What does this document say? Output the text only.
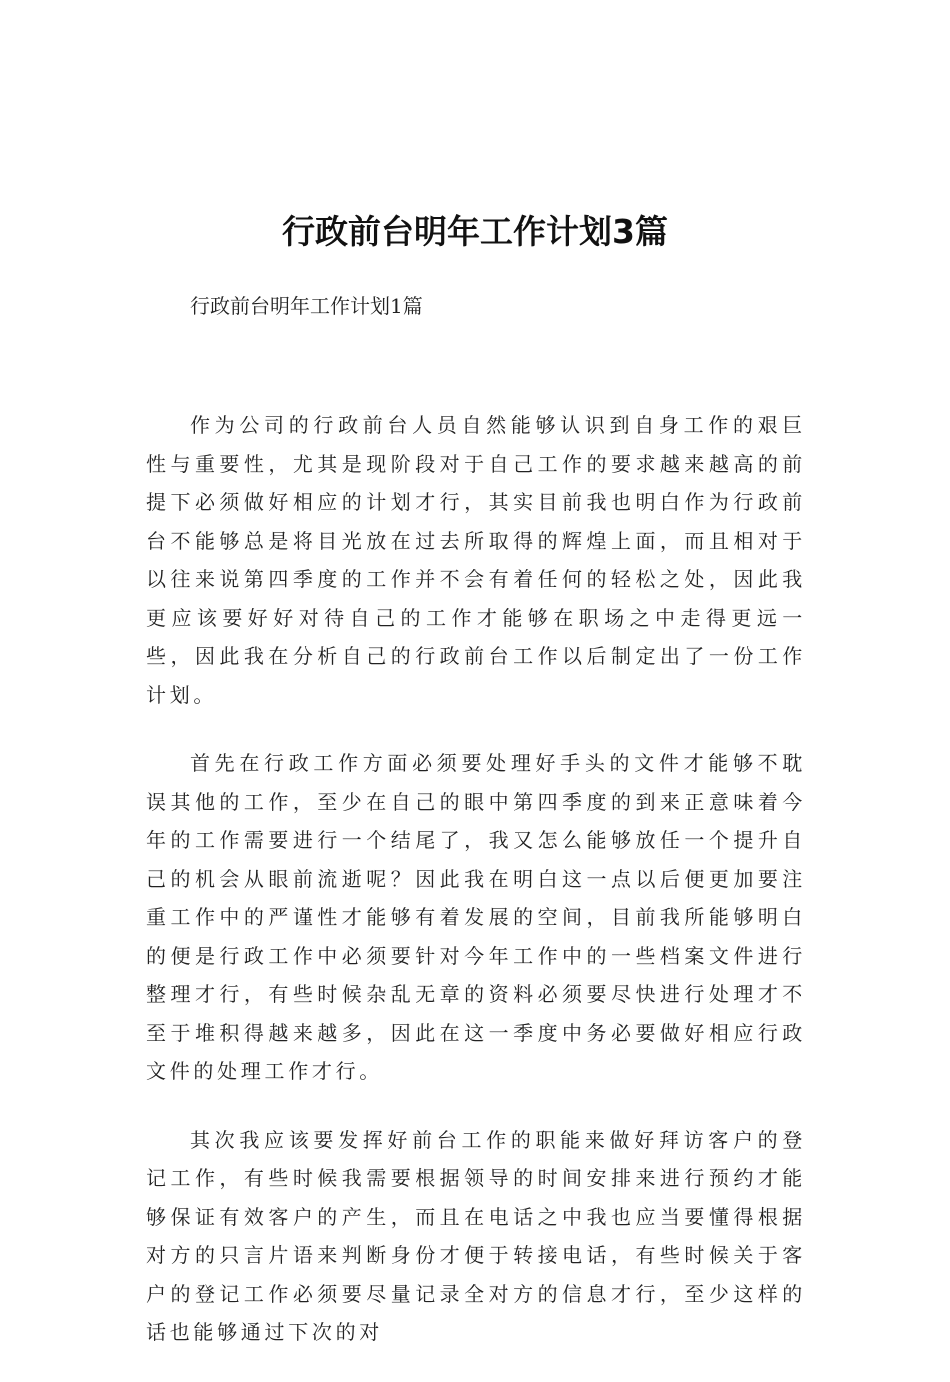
行政前台明年工作计划3篇

行政前台明年工作计划1篇

作为公司的行政前台人员自然能够认识到自身工作的艰巨性与重要性，尤其是现阶段对于自己工作的要求越来越高的前提下必须做好相应的计划才行，其实目前我也明白作为行政前台不能够总是将目光放在过去所取得的辉煌上面，而且相对于以往来说第四季度的工作并不会有着任何的轻松之处，因此我更应该要好好对待自己的工作才能够在职场之中走得更远一些，因此我在分析自己的行政前台工作以后制定出了一份工作计划。

首先在行政工作方面必须要处理好手头的文件才能够不耽误其他的工作，至少在自己的眼中第四季度的到来正意味着今年的工作需要进行一个结尾了，我又怎么能够放任一个提升自己的机会从眼前流逝呢？因此我在明白这一点以后便更加要注重工作中的严谨性才能够有着发展的空间，目前我所能够明白的便是行政工作中必须要针对今年工作中的一些档案文件进行整理才行，有些时候杂乱无章的资料必须要尽快进行处理才不至于堆积得越来越多，因此在这一季度中务必要做好相应行政文件的处理工作才行。

其次我应该要发挥好前台工作的职能来做好拜访客户的登记工作，有些时候我需要根据领导的时间安排来进行预约才能够保证有效客户的产生，而且在电话之中我也应当要懂得根据对方的只言片语来判断身份才便于转接电话，有些时候关于客户的登记工作必须要尽量记录全对方的信息才行，至少这样的话也能够通过下次的对
